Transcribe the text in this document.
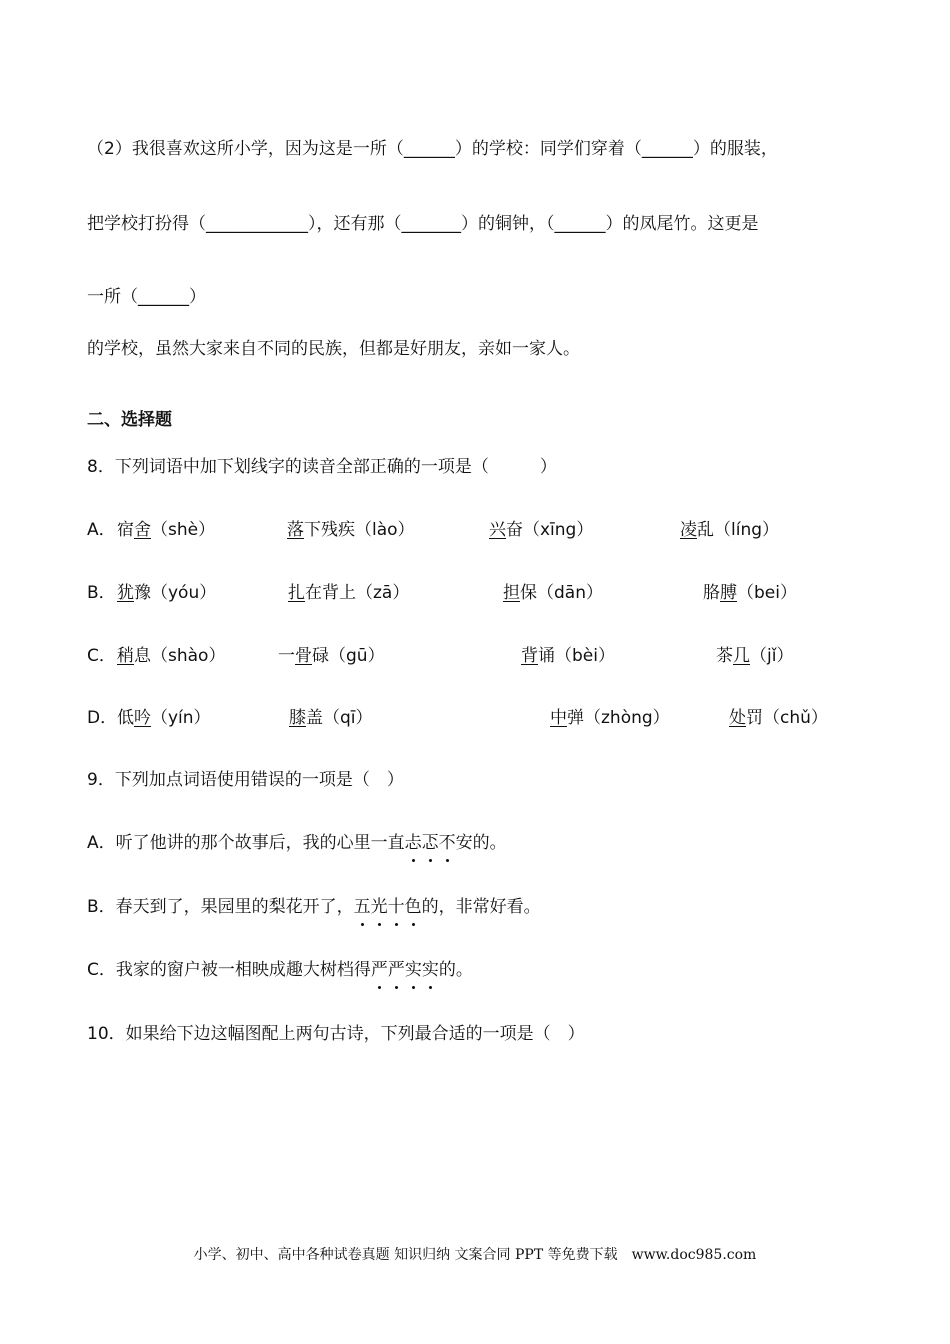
（2）我很喜欢这所小学，因为这是一所（______）的学校：同学们穿着（______）的服装，
把学校打扮得（____________），还有那（_______）的铜钟，（______）的凤尾竹。这更是
一所（______）
的学校，虽然大家来自不同的民族，但都是好朋友，亲如一家人。
二、选择题
8．下列词语中加下划线字的读音全部正确的一项是（　　　）
A． 宿舍（shè）	落下残疾（lào）	兴奋（xīng）	凌乱（líng）
B． 犹豫（yóu）	扎在背上（zā）	担保（dān）	胳膊（bei）
C． 稍息（shào）	一骨碌（gū）	背诵（bèi）	茶几（jǐ）
D． 低吟（yín）	膝盖（qī）	中弹（zhòng）	处罚（chǔ）
9．下列加点词语使用错误的一项是（　）
A．听了他讲的那个故事后，我的心里一直忐忑不安的。
B．春天到了，果园里的梨花开了，五光十色的，非常好看。
C．我家的窗户被一相映成趣大树档得严严实实的。
10．如果给下边这幅图配上两句古诗，下列最合适的一项是（　）
小学、初中、高中各种试卷真题 知识归纳 文案合同 PPT 等免费下载　www.doc985.com
